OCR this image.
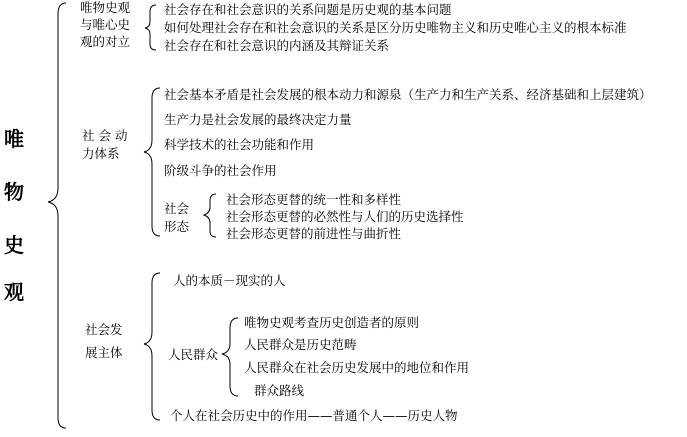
唯
物
史
观
唯物史观
与唯心史
观的对立
社会存在和社会意识的关系问题是历史观的基本问题
如何处理社会存在和社会意识的关系是区分历史唯物主义和历史唯心主义的根本标准
社会存在和社会意识的内涵及其辩证关系
社 会 动
力体系
社会基本矛盾是社会发展的根本动力和源泉（生产力和生产关系、经济基础和上层建筑）
生产力是社会发展的最终决定力量
科学技术的社会功能和作用
阶级斗争的社会作用
社会
形态
社会形态更替的统一性和多样性
社会形态更替的必然性与人们的历史选择性
社会形态更替的前进性与曲折性
社会发
展主体
人的本质－现实的人
人民群众
唯物史观考查历史创造者的原则
人民群众是历史范畴
人民群众在社会历史发展中的地位和作用
群众路线
个人在社会历史中的作用——普通个人——历史人物
